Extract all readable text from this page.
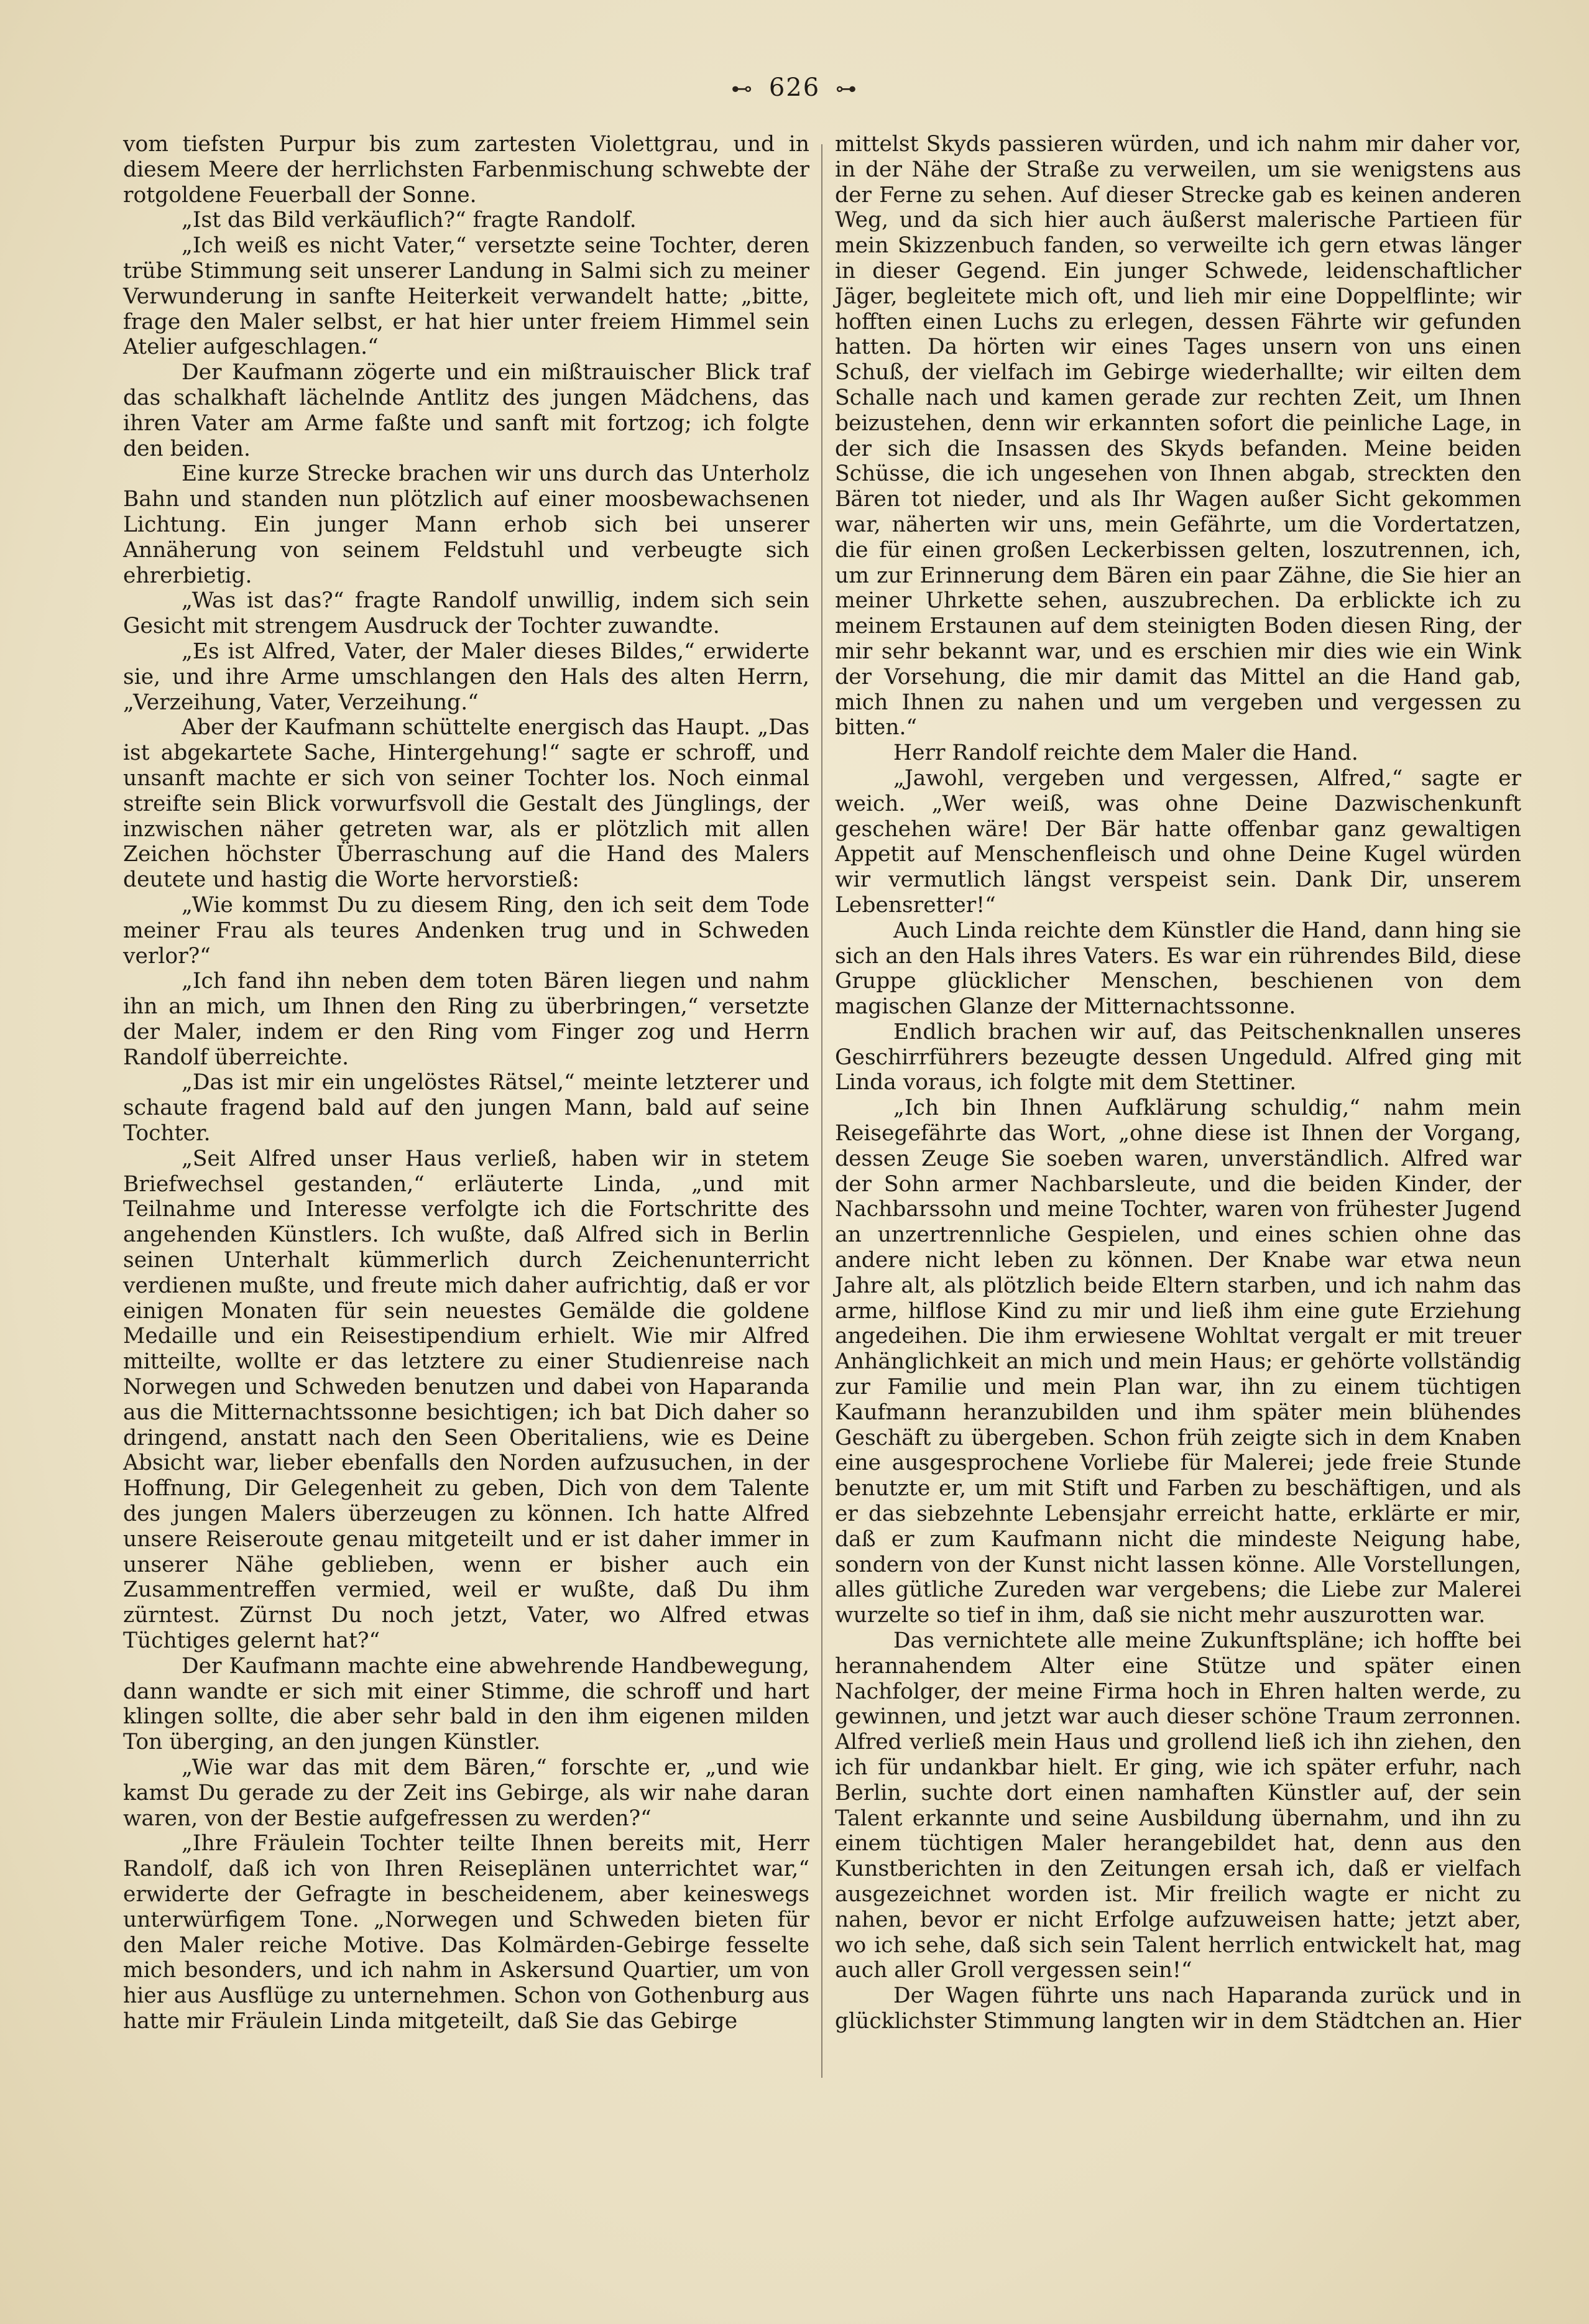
⊷ 626 ⊶

vom tiefsten Purpur bis zum zartesten Violettgrau, und in diesem Meere der herrlichsten Farbenmischung schwebte der rotgoldene Feuerball der Sonne.

„Ist das Bild verkäuflich?“ fragte Randolf.

„Ich weiß es nicht Vater,“ versetzte seine Tochter, deren trübe Stimmung seit unserer Landung in Salmi sich zu meiner Verwunderung in sanfte Heiterkeit verwandelt hatte; „bitte, frage den Maler selbst, er hat hier unter freiem Himmel sein Atelier aufgeschlagen.“

Der Kaufmann zögerte und ein mißtrauischer Blick traf das schalkhaft lächelnde Antlitz des jungen Mädchens, das ihren Vater am Arme faßte und sanft mit fortzog; ich folgte den beiden.

Eine kurze Strecke brachen wir uns durch das Unterholz Bahn und standen nun plötzlich auf einer moosbewachsenen Lichtung. Ein junger Mann erhob sich bei unserer Annäherung von seinem Feldstuhl und verbeugte sich ehrerbietig.

„Was ist das?“ fragte Randolf unwillig, indem sich sein Gesicht mit strengem Ausdruck der Tochter zuwandte.

„Es ist Alfred, Vater, der Maler dieses Bildes,“ erwiderte sie, und ihre Arme umschlangen den Hals des alten Herrn, „Verzeihung, Vater, Verzeihung.“

Aber der Kaufmann schüttelte energisch das Haupt. „Das ist abgekartete Sache, Hintergehung!“ sagte er schroff, und unsanft machte er sich von seiner Tochter los. Noch einmal streifte sein Blick vorwurfsvoll die Gestalt des Jünglings, der inzwischen näher getreten war, als er plötzlich mit allen Zeichen höchster Überraschung auf die Hand des Malers deutete und hastig die Worte hervorstieß:

„Wie kommst Du zu diesem Ring, den ich seit dem Tode meiner Frau als teures Andenken trug und in Schweden verlor?“

„Ich fand ihn neben dem toten Bären liegen und nahm ihn an mich, um Ihnen den Ring zu überbringen,“ versetzte der Maler, indem er den Ring vom Finger zog und Herrn Randolf überreichte.

„Das ist mir ein ungelöstes Rätsel,“ meinte letzterer und schaute fragend bald auf den jungen Mann, bald auf seine Tochter.

„Seit Alfred unser Haus verließ, haben wir in stetem Briefwechsel gestanden,“ erläuterte Linda, „und mit Teilnahme und Interesse verfolgte ich die Fortschritte des angehenden Künstlers. Ich wußte, daß Alfred sich in Berlin seinen Unterhalt kümmerlich durch Zeichenunterricht verdienen mußte, und freute mich daher aufrichtig, daß er vor einigen Monaten für sein neuestes Gemälde die goldene Medaille und ein Reisestipendium erhielt. Wie mir Alfred mitteilte, wollte er das letztere zu einer Studienreise nach Norwegen und Schweden benutzen und dabei von Haparanda aus die Mitternachtssonne besichtigen; ich bat Dich daher so dringend, anstatt nach den Seen Oberitaliens, wie es Deine Absicht war, lieber ebenfalls den Norden aufzusuchen, in der Hoffnung, Dir Gelegenheit zu geben, Dich von dem Talente des jungen Malers überzeugen zu können. Ich hatte Alfred unsere Reiseroute genau mitgeteilt und er ist daher immer in unserer Nähe geblieben, wenn er bisher auch ein Zusammentreffen vermied, weil er wußte, daß Du ihm zürntest. Zürnst Du noch jetzt, Vater, wo Alfred etwas Tüchtiges gelernt hat?“

Der Kaufmann machte eine abwehrende Handbewegung, dann wandte er sich mit einer Stimme, die schroff und hart klingen sollte, die aber sehr bald in den ihm eigenen milden Ton überging, an den jungen Künstler.

„Wie war das mit dem Bären,“ forschte er, „und wie kamst Du gerade zu der Zeit ins Gebirge, als wir nahe daran waren, von der Bestie aufgefressen zu werden?“

„Ihre Fräulein Tochter teilte Ihnen bereits mit, Herr Randolf, daß ich von Ihren Reiseplänen unterrichtet war,“ erwiderte der Gefragte in bescheidenem, aber keineswegs unterwürfigem Tone. „Norwegen und Schweden bieten für den Maler reiche Motive. Das Kolmärden-Gebirge fesselte mich besonders, und ich nahm in Askersund Quartier, um von hier aus Ausflüge zu unternehmen. Schon von Gothenburg aus hatte mir Fräulein Linda mitgeteilt, daß Sie das Gebirge

mittelst Skyds passieren würden, und ich nahm mir daher vor, in der Nähe der Straße zu verweilen, um sie wenigstens aus der Ferne zu sehen. Auf dieser Strecke gab es keinen anderen Weg, und da sich hier auch äußerst malerische Partieen für mein Skizzenbuch fanden, so verweilte ich gern etwas länger in dieser Gegend. Ein junger Schwede, leidenschaftlicher Jäger, begleitete mich oft, und lieh mir eine Doppelflinte; wir hofften einen Luchs zu erlegen, dessen Fährte wir gefunden hatten. Da hörten wir eines Tages unsern von uns einen Schuß, der vielfach im Gebirge wiederhallte; wir eilten dem Schalle nach und kamen gerade zur rechten Zeit, um Ihnen beizustehen, denn wir erkannten sofort die peinliche Lage, in der sich die Insassen des Skyds befanden. Meine beiden Schüsse, die ich ungesehen von Ihnen abgab, streckten den Bären tot nieder, und als Ihr Wagen außer Sicht gekommen war, näherten wir uns, mein Gefährte, um die Vordertatzen, die für einen großen Leckerbissen gelten, loszutrennen, ich, um zur Erinnerung dem Bären ein paar Zähne, die Sie hier an meiner Uhrkette sehen, auszubrechen. Da erblickte ich zu meinem Erstaunen auf dem steinigten Boden diesen Ring, der mir sehr bekannt war, und es erschien mir dies wie ein Wink der Vorsehung, die mir damit das Mittel an die Hand gab, mich Ihnen zu nahen und um vergeben und vergessen zu bitten.“

Herr Randolf reichte dem Maler die Hand.

„Jawohl, vergeben und vergessen, Alfred,“ sagte er weich. „Wer weiß, was ohne Deine Dazwischenkunft geschehen wäre! Der Bär hatte offenbar ganz gewaltigen Appetit auf Menschenfleisch und ohne Deine Kugel würden wir vermutlich längst verspeist sein. Dank Dir, unserem Lebensretter!“

Auch Linda reichte dem Künstler die Hand, dann hing sie sich an den Hals ihres Vaters. Es war ein rührendes Bild, diese Gruppe glücklicher Menschen, beschienen von dem magischen Glanze der Mitternachtssonne.

Endlich brachen wir auf, das Peitschenknallen unseres Geschirrführers bezeugte dessen Ungeduld. Alfred ging mit Linda voraus, ich folgte mit dem Stettiner.

„Ich bin Ihnen Aufklärung schuldig,“ nahm mein Reisegefährte das Wort, „ohne diese ist Ihnen der Vorgang, dessen Zeuge Sie soeben waren, unverständlich. Alfred war der Sohn armer Nachbarsleute, und die beiden Kinder, der Nachbarssohn und meine Tochter, waren von frühester Jugend an unzertrennliche Gespielen, und eines schien ohne das andere nicht leben zu können. Der Knabe war etwa neun Jahre alt, als plötzlich beide Eltern starben, und ich nahm das arme, hilflose Kind zu mir und ließ ihm eine gute Erziehung angedeihen. Die ihm erwiesene Wohltat vergalt er mit treuer Anhänglichkeit an mich und mein Haus; er gehörte vollständig zur Familie und mein Plan war, ihn zu einem tüchtigen Kaufmann heranzubilden und ihm später mein blühendes Geschäft zu übergeben. Schon früh zeigte sich in dem Knaben eine ausgesprochene Vorliebe für Malerei; jede freie Stunde benutzte er, um mit Stift und Farben zu beschäftigen, und als er das siebzehnte Lebensjahr erreicht hatte, erklärte er mir, daß er zum Kaufmann nicht die mindeste Neigung habe, sondern von der Kunst nicht lassen könne. Alle Vorstellungen, alles gütliche Zureden war vergebens; die Liebe zur Malerei wurzelte so tief in ihm, daß sie nicht mehr auszurotten war.

Das vernichtete alle meine Zukunftspläne; ich hoffte bei herannahendem Alter eine Stütze und später einen Nachfolger, der meine Firma hoch in Ehren halten werde, zu gewinnen, und jetzt war auch dieser schöne Traum zerronnen. Alfred verließ mein Haus und grollend ließ ich ihn ziehen, den ich für undankbar hielt. Er ging, wie ich später erfuhr, nach Berlin, suchte dort einen namhaften Künstler auf, der sein Talent erkannte und seine Ausbildung übernahm, und ihn zu einem tüchtigen Maler herangebildet hat, denn aus den Kunstberichten in den Zeitungen ersah ich, daß er vielfach ausgezeichnet worden ist. Mir freilich wagte er nicht zu nahen, bevor er nicht Erfolge aufzuweisen hatte; jetzt aber, wo ich sehe, daß sich sein Talent herrlich entwickelt hat, mag auch aller Groll vergessen sein!“

Der Wagen führte uns nach Haparanda zurück und in glücklichster Stimmung langten wir in dem Städtchen an. Hier
